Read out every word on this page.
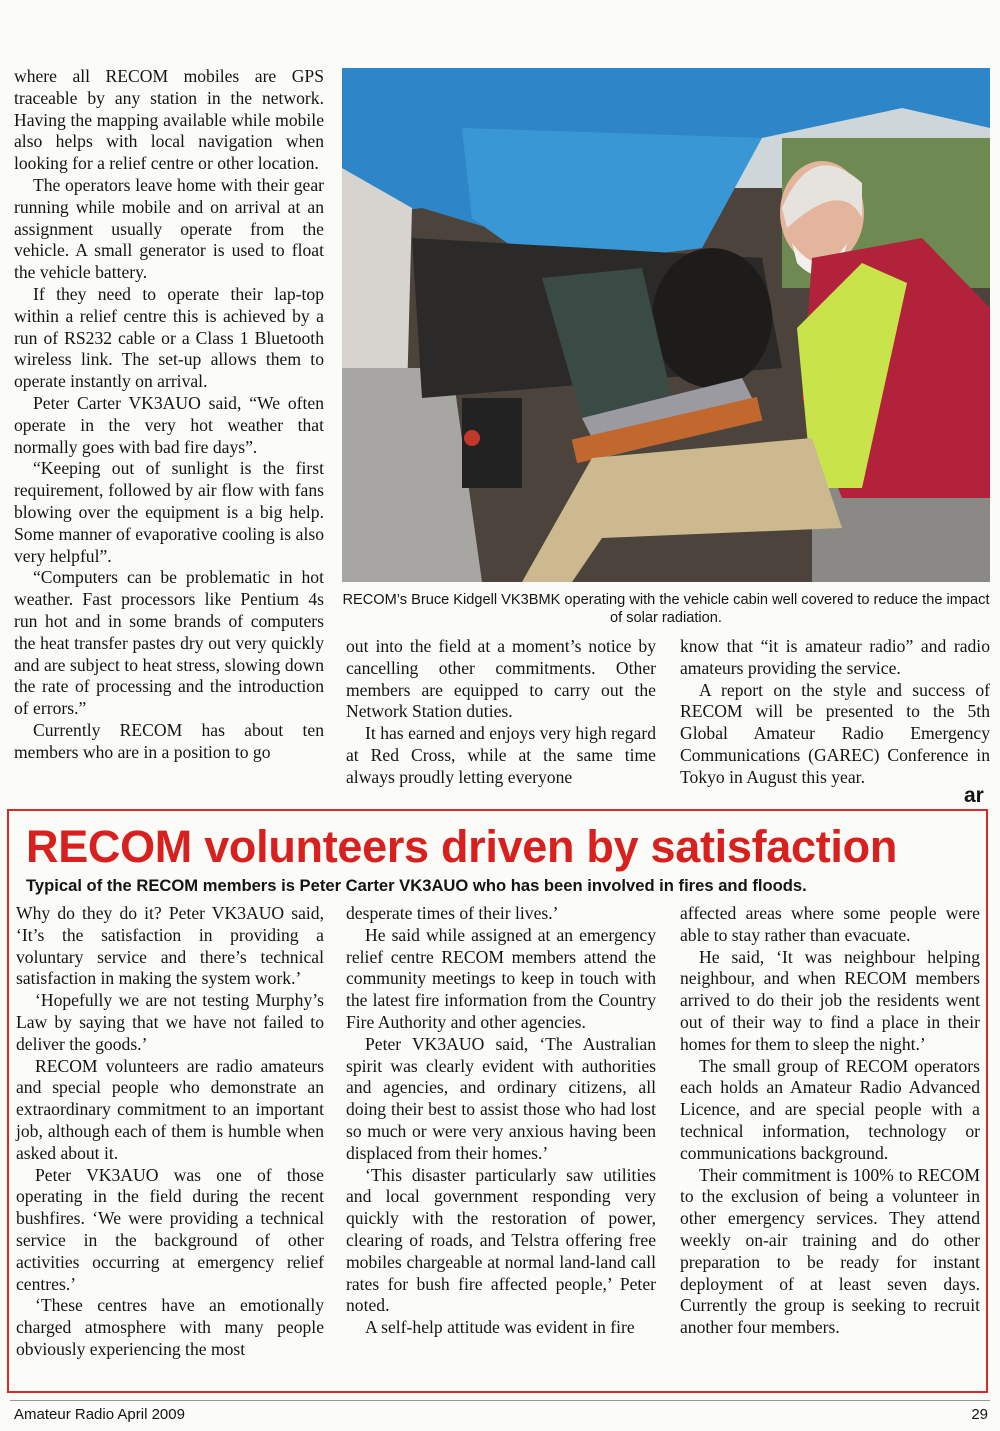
where all RECOM mobiles are GPS traceable by any station in the network. Having the mapping available while mobile also helps with local navigation when looking for a relief centre or other location.

The operators leave home with their gear running while mobile and on arrival at an assignment usually operate from the vehicle. A small generator is used to float the vehicle battery.

If they need to operate their lap-top within a relief centre this is achieved by a run of RS232 cable or a Class 1 Bluetooth wireless link. The set-up allows them to operate instantly on arrival.

Peter Carter VK3AUO said, “We often operate in the very hot weather that normally goes with bad fire days”.

“Keeping out of sunlight is the first requirement, followed by air flow with fans blowing over the equipment is a big help. Some manner of evaporative cooling is also very helpful”.

“Computers can be problematic in hot weather. Fast processors like Pentium 4s run hot and in some brands of computers the heat transfer pastes dry out very quickly and are subject to heat stress, slowing down the rate of processing and the introduction of errors.”

Currently RECOM has about ten members who are in a position to go

RECOM’s Bruce Kidgell VK3BMK operating with the vehicle cabin well covered to reduce the impact of solar radiation.

out into the field at a moment’s notice by cancelling other commitments. Other members are equipped to carry out the Network Station duties.

It has earned and enjoys very high regard at Red Cross, while at the same time always proudly letting everyone

know that “it is amateur radio” and radio amateurs providing the service.

A report on the style and success of RECOM will be presented to the 5th Global Amateur Radio Emergency Communications (GAREC) Conference in Tokyo in August this year.

ar
RECOM volunteers driven by satisfaction
Typical of the RECOM members is Peter Carter VK3AUO who has been involved in fires and floods.

Why do they do it? Peter VK3AUO said, ‘It’s the satisfaction in providing a voluntary service and there’s technical satisfaction in making the system work.’

‘Hopefully we are not testing Murphy’s Law by saying that we have not failed to deliver the goods.’

RECOM volunteers are radio amateurs and special people who demonstrate an extraordinary commitment to an important job, although each of them is humble when asked about it.

Peter VK3AUO was one of those operating in the field during the recent bushfires. ‘We were providing a technical service in the background of other activities occurring at emergency relief centres.’

‘These centres have an emotionally charged atmosphere with many people obviously experiencing the most

desperate times of their lives.’

He said while assigned at an emergency relief centre RECOM members attend the community meetings to keep in touch with the latest fire information from the Country Fire Authority and other agencies.

Peter VK3AUO said, ‘The Australian spirit was clearly evident with authorities and agencies, and ordinary citizens, all doing their best to assist those who had lost so much or were very anxious having been displaced from their homes.’

‘This disaster particularly saw utilities and local government responding very quickly with the restoration of power, clearing of roads, and Telstra offering free mobiles chargeable at normal land-land call rates for bush fire affected people,’ Peter noted.

A self-help attitude was evident in fire

affected areas where some people were able to stay rather than evacuate.

He said, ‘It was neighbour helping neighbour, and when RECOM members arrived to do their job the residents went out of their way to find a place in their homes for them to sleep the night.’

The small group of RECOM operators each holds an Amateur Radio Advanced Licence, and are special people with a technical information, technology or communications background.

Their commitment is 100% to RECOM to the exclusion of being a volunteer in other emergency services. They attend weekly on-air training and do other preparation to be ready for instant deployment of at least seven days. Currently the group is seeking to recruit another four members.

Amateur Radio April 2009	29
